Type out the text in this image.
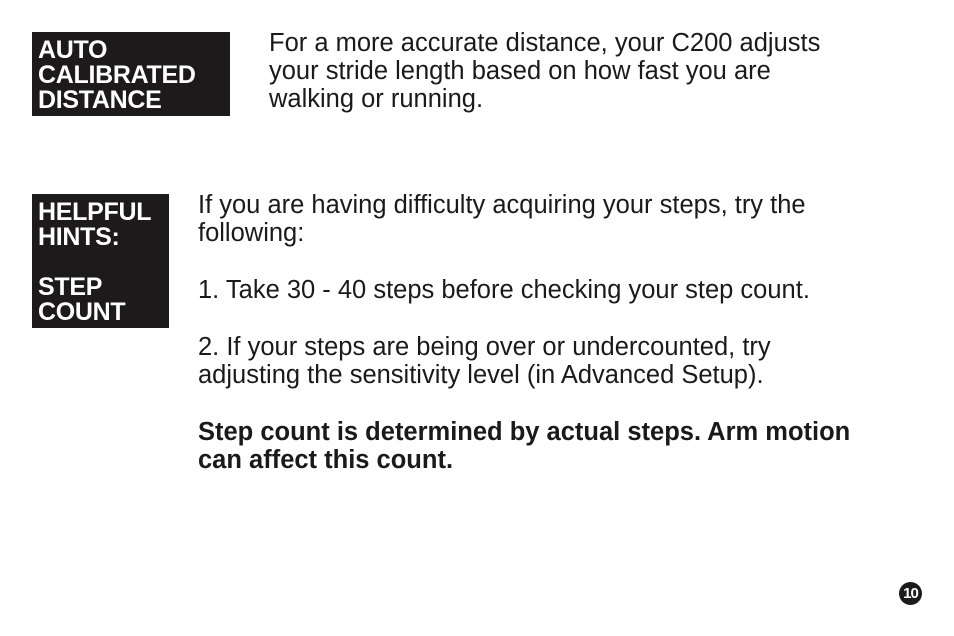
AUTO
CALIBRATED
DISTANCE
For a more accurate distance, your C200 adjusts
your stride length based on how fast you are
walking or running.
HELPFUL
HINTS:
STEP
COUNT
If you are having difficulty acquiring your steps, try the
following:
1. Take 30 - 40 steps before checking your step count.
2. If your steps are being over or undercounted, try
adjusting the sensitivity level (in Advanced Setup).
Step count is determined by actual steps. Arm motion
can affect this count.
10
